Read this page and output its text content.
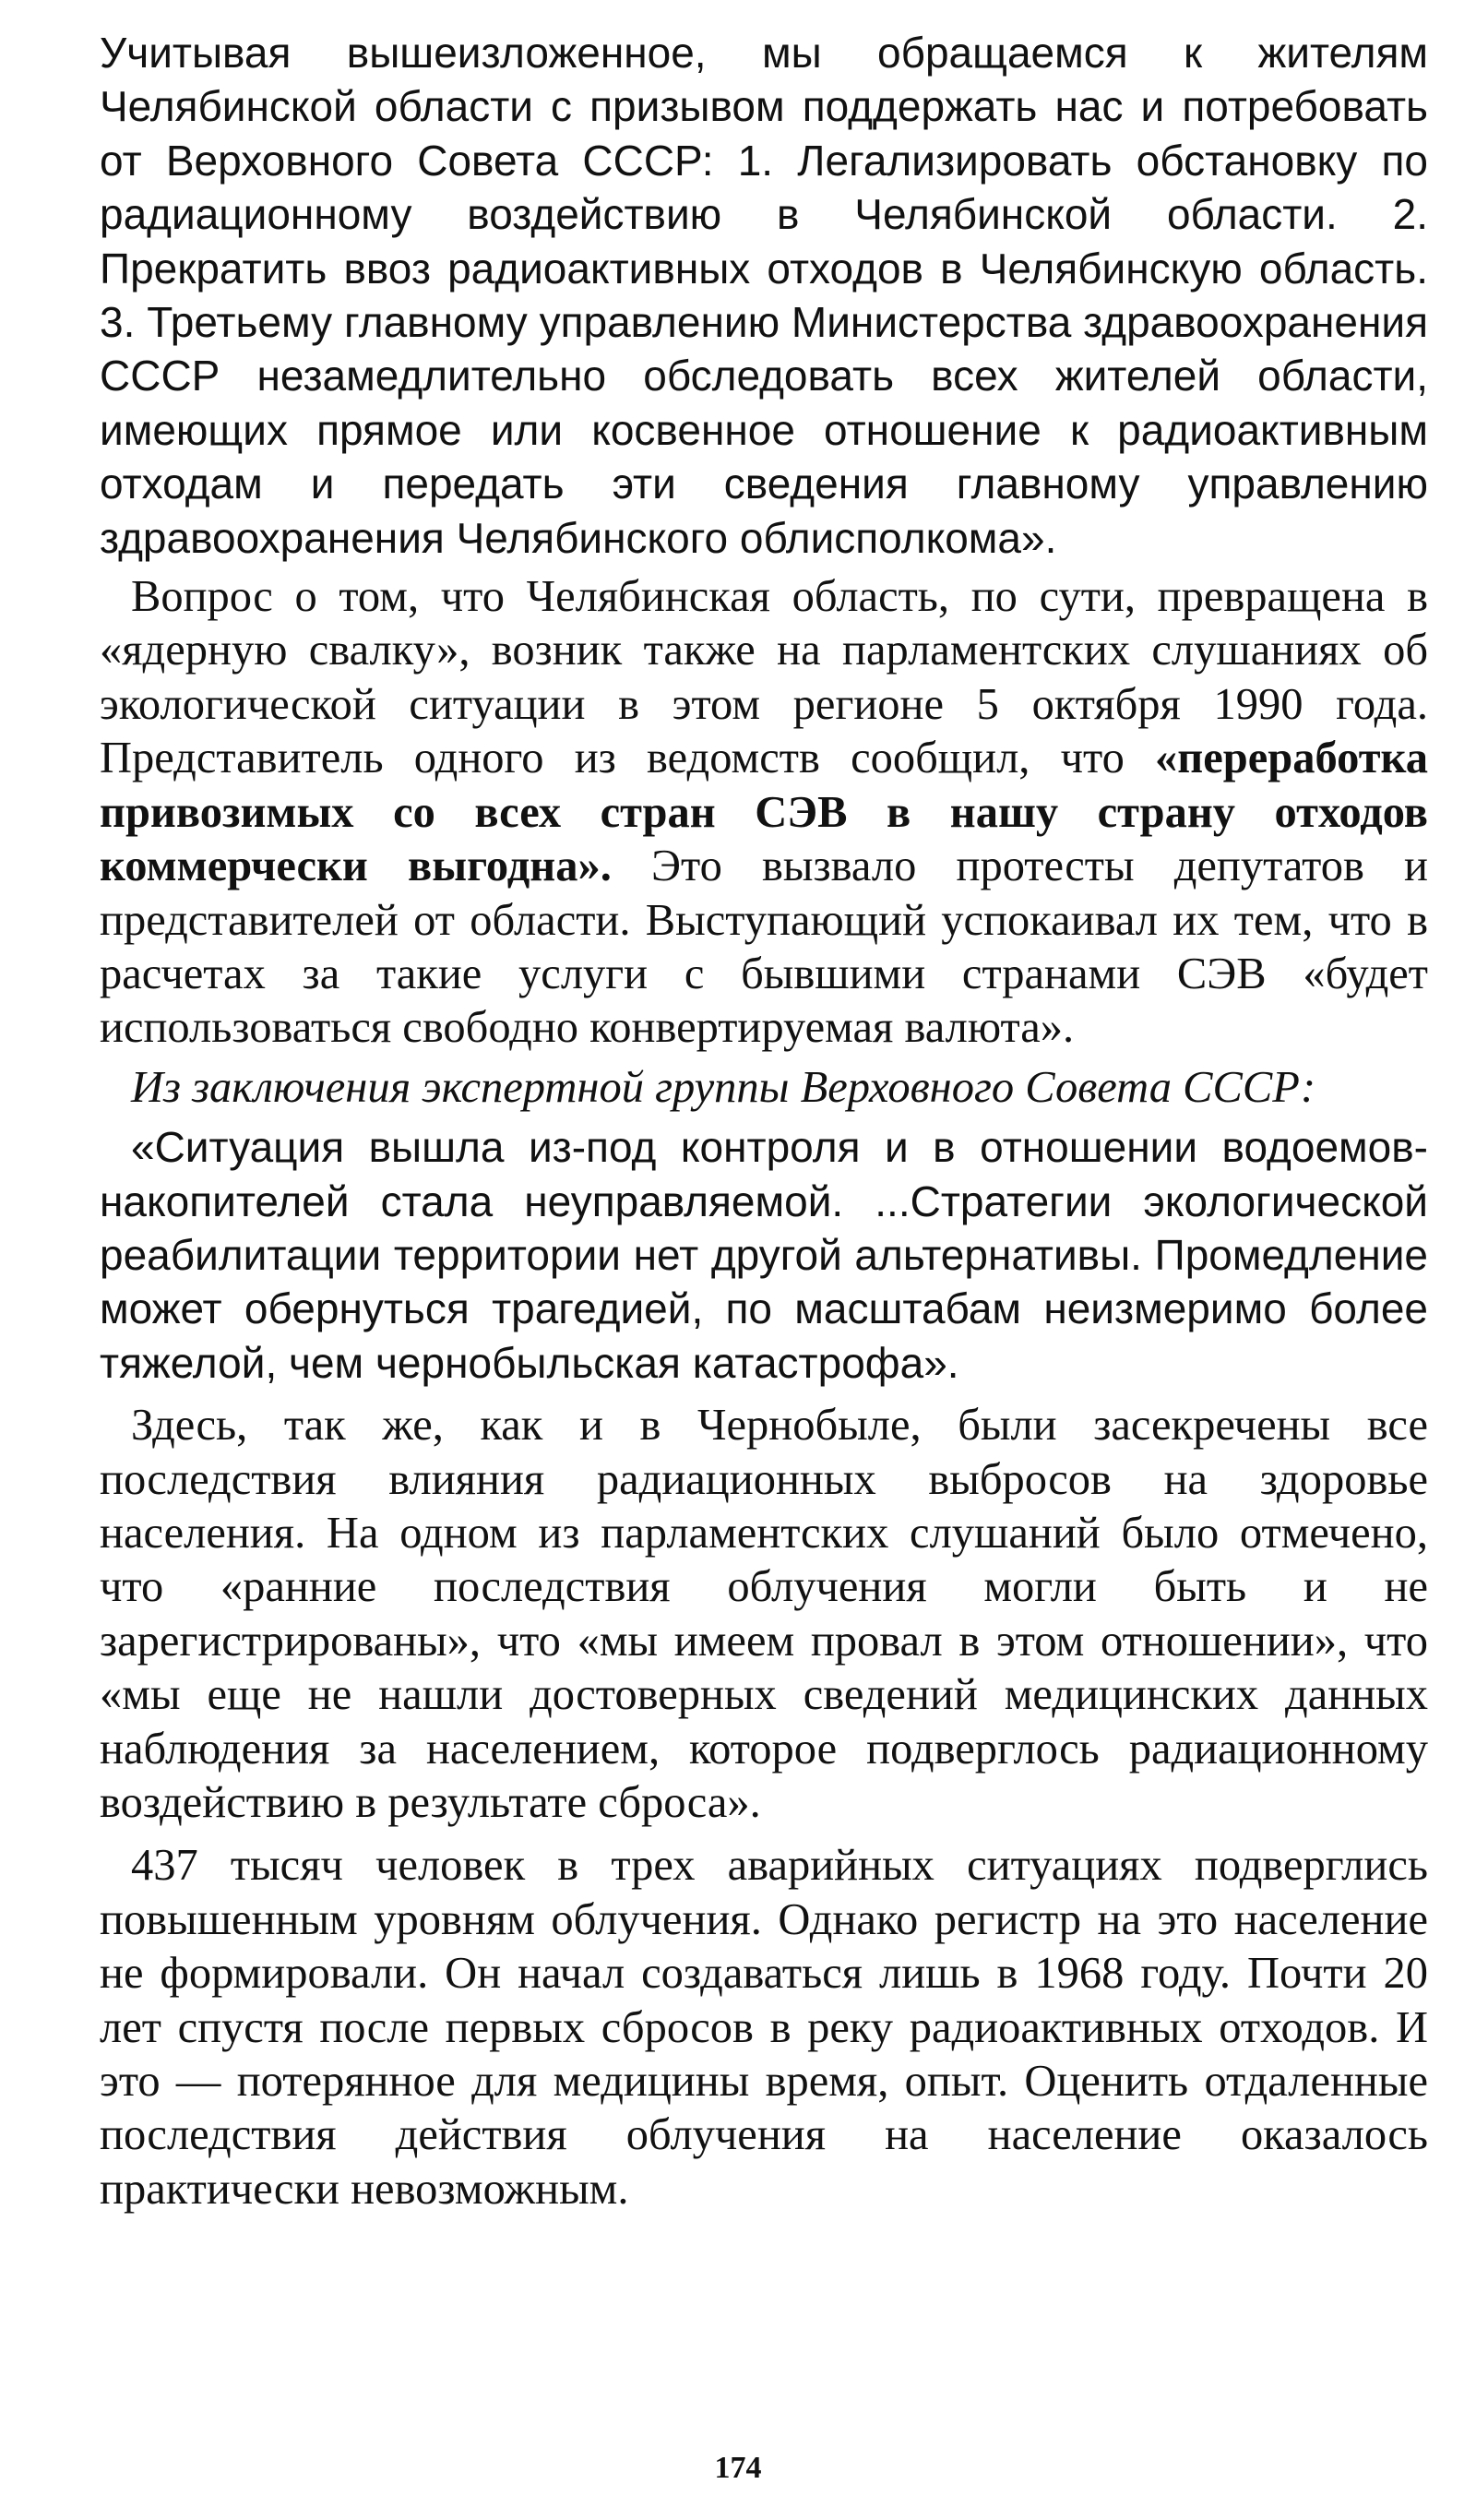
Учитывая вышеизложенное, мы обращаемся к жителям Челябинской области с призывом поддержать нас и потребовать от Верховного Совета СССР: 1. Легализировать обстановку по радиационному воздействию в Челябинской области. 2. Прекратить ввоз радиоактивных отходов в Челябинскую область. 3. Третьему главному управлению Министерства здравоохранения СССР незамедлительно обследовать всех жителей области, имеющих прямое или косвенное отношение к радиоактивным отходам и передать эти сведения главному управлению здравоохранения Челябинского облисполкома».

Вопрос о том, что Челябинская область, по сути, превращена в «ядерную свалку», возник также на парламентских слушаниях об экологической ситуации в этом регионе 5 октября 1990 года. Представитель одного из ведомств сообщил, что «переработка привозимых со всех стран СЭВ в нашу страну отходов коммерчески выгодна». Это вызвало протесты депутатов и представителей от области. Выступающий успокаивал их тем, что в расчетах за такие услуги с бывшими странами СЭВ «будет использоваться свободно конвертируемая валюта».

Из заключения экспертной группы Верховного Совета СССР:

«Ситуация вышла из-под контроля и в отношении водоемов-накопителей стала неуправляемой. ...Стратегии экологической реабилитации территории нет другой альтернативы. Промедление может обернуться трагедией, по масштабам неизмеримо более тяжелой, чем чернобыльская катастрофа».

Здесь, так же, как и в Чернобыле, были засекречены все последствия влияния радиационных выбросов на здоровье населения. На одном из парламентских слушаний было отмечено, что «ранние последствия облучения могли быть и не зарегистрированы», что «мы имеем провал в этом отношении», что «мы еще не нашли достоверных сведений медицинских данных наблюдения за населением, которое подверглось радиационному воздействию в результате сброса».

437 тысяч человек в трех аварийных ситуациях подверглись повышенным уровням облучения. Однако регистр на это население не формировали. Он начал создаваться лишь в 1968 году. Почти 20 лет спустя после первых сбросов в реку радиоактивных отходов. И это — потерянное для медицины время, опыт. Оценить отдаленные последствия действия облучения на население оказалось практически невозможным.

174
